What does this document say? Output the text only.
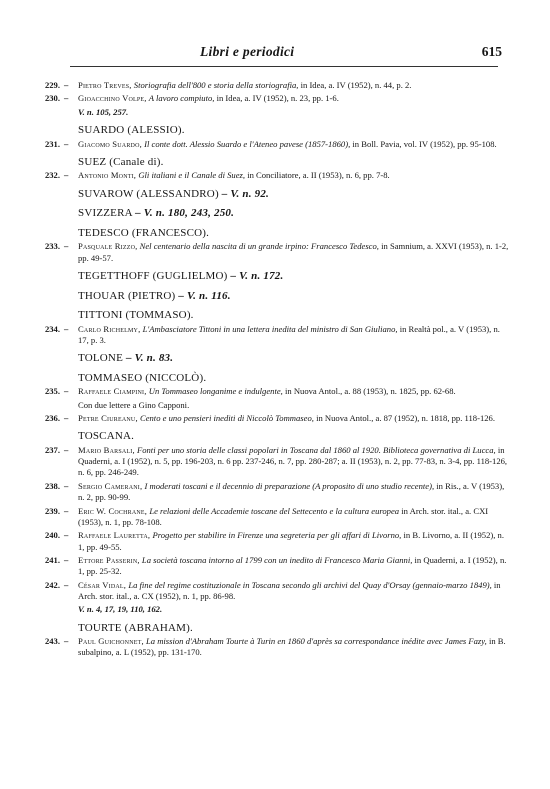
Libri e periodici	615
229. – Pietro Treves, Storiografia dell'800 e storia della storiografia, in Idea, a. IV (1952), n. 44, p. 2.
230. – Gioacchino Volpe, A lavoro compiuto, in Idea, a. IV (1952), n. 23, pp. 1-6.
V. n. 105, 257.
SUARDO (ALESSIO).
231. – Giacomo Suardo, Il conte dott. Alessio Suardo e l'Ateneo pavese (1857-1860), in Boll. Pavia, vol. IV (1952), pp. 95-108.
SUEZ (Canale di).
232. – Antonio Monti, Gli italiani e il Canale di Suez, in Conciliatore, a. II (1953), n. 6, pp. 7-8.
SUVAROW (ALESSANDRO) – V. n. 92.
SVIZZERA – V. n. 180, 243, 250.
TEDESCO (FRANCESCO).
233. – Pasquale Rizzo, Nel centenario della nascita di un grande irpino: Francesco Tedesco, in Samnium, a. XXVI (1953), n. 1-2, pp. 49-57.
TEGETTHOFF (GUGLIELMO) – V. n. 172.
THOUAR (PIETRO) – V. n. 116.
TITTONI (TOMMASO).
234. – Carlo Richelmy, L'Ambasciatore Tittoni in una lettera inedita del ministro di San Giuliano, in Realtà pol., a. V (1953), n. 17, p. 3.
TOLONE – V. n. 83.
TOMMASEO (NICCOLÒ).
235. – Raffaele Ciampini, Un Tommaseo longanime e indulgente, in Nuova Antol., a. 88 (1953), n. 1825, pp. 62-68.
Con due lettere a Gino Capponi.
236. – Petre Ciureanu, Cento e uno pensieri inediti di Niccolò Tommaseo, in Nuova Antol., a. 87 (1952), n. 1818, pp. 118-126.
TOSCANA.
237. – Mario Barsali, Fonti per uno storia delle classi popolari in Toscana dal 1860 al 1920. Biblioteca governativa di Lucca, in Quaderni, a. I (1952), n. 5, pp. 196-203, n. 6 pp. 237-246, n. 7, pp. 280-287; a. II (1953), n. 2, pp. 77-83, n. 3-4, pp. 118-126, n. 6, pp. 246-249.
238. – Sergio Camerani, I moderati toscani e il decennio di preparazione (A proposito di uno studio recente), in Ris., a. V (1953), n. 2, pp. 90-99.
239. – Eric W. Cochrane, Le relazioni delle Accademie toscane del Settecento e la cultura europea in Arch. stor. ital., a. CXI (1953), n. 1, pp. 78-108.
240. – Raffaele Lauretta, Progetto per stabilire in Firenze una segreteria per gli affari di Livorno, in B. Livorno, a. II (1952), n. 1, pp. 49-55.
241. – Ettore Passerin, La società toscana intorno al 1799 con un inedito di Francesco Maria Gianni, in Quaderni, a. I (1952), n. 1, pp. 25-32.
242. – César Vidal, La fine del regime costituzionale in Toscana secondo gli archivi del Quay d'Orsay (gennaio-marzo 1849), in Arch. stor. ital., a. CX (1952), n. 1, pp. 86-98.
V. n. 4, 17, 19, 110, 162.
TOURTE (ABRAHAM).
243. – Paul Guichonnet, La mission d'Abraham Tourte à Turin en 1860 d'après sa correspondance inédite avec James Fazy, in B. subalpino, a. L (1952), pp. 131-170.
